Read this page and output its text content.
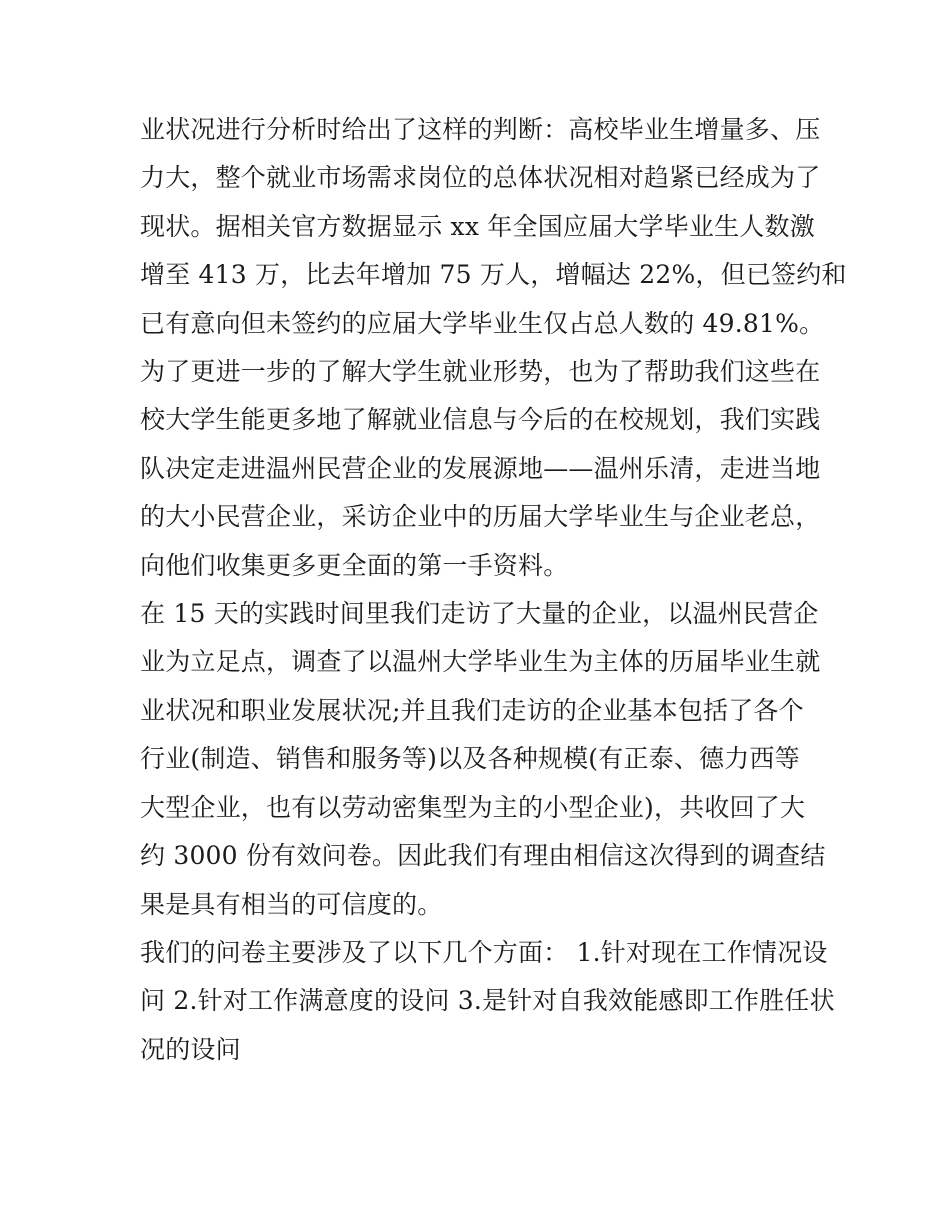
业状况进行分析时给出了这样的判断：高校毕业生增量多、压
力大，整个就业市场需求岗位的总体状况相对趋紧已经成为了
现状。据相关官方数据显示 xx 年全国应届大学毕业生人数激
增至 413 万，比去年增加 75 万人，增幅达 22%，但已签约和
已有意向但未签约的应届大学毕业生仅占总人数的 49.81%。

为了更进一步的了解大学生就业形势，也为了帮助我们这些在
校大学生能更多地了解就业信息与今后的在校规划，我们实践
队决定走进温州民营企业的发展源地——温州乐清，走进当地
的大小民营企业，采访企业中的历届大学毕业生与企业老总，
向他们收集更多更全面的第一手资料。

在 15 天的实践时间里我们走访了大量的企业，以温州民营企
业为立足点，调查了以温州大学毕业生为主体的历届毕业生就
业状况和职业发展状况;并且我们走访的企业基本包括了各个
行业(制造、销售和服务等)以及各种规模(有正泰、德力西等
大型企业，也有以劳动密集型为主的小型企业)，共收回了大
约 3000 份有效问卷。因此我们有理由相信这次得到的调查结
果是具有相当的可信度的。

我们的问卷主要涉及了以下几个方面： 1.针对现在工作情况设
问 2.针对工作满意度的设问 3.是针对自我效能感即工作胜任状
况的设问
